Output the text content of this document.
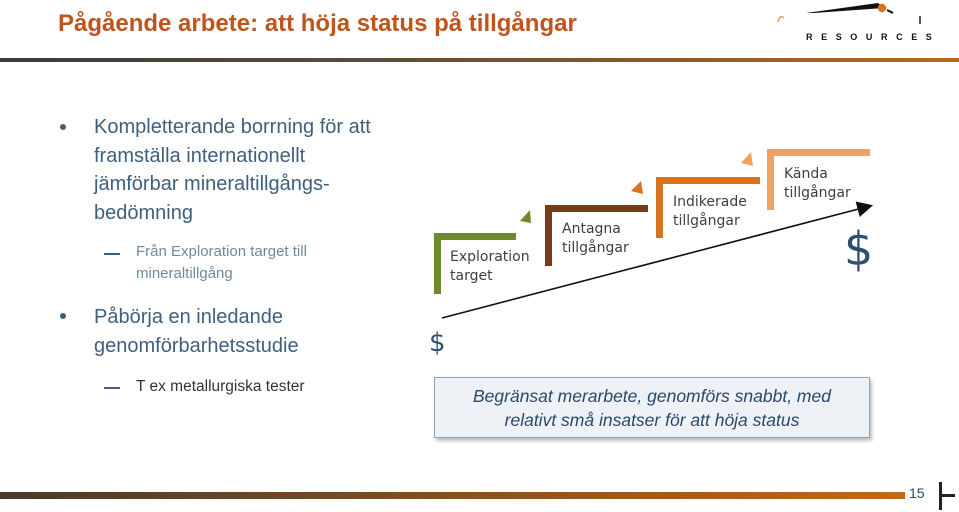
Pågående arbete: att höja status på tillgångar	RESOURCES
Kompletterande borrning för att
framställa internationellt
jämförbar mineraltillgångs-
bedömning
Från Exploration target till
mineraltillgång
Påbörja en inledande
genomförbarhetsstudie
T ex metallurgiska tester
Exploration
target
Antagna
tillgångar
Indikerade
tillgångar
Kända
tillgångar
$
$
Begränsat merarbete, genomförs snabbt, med
relativt små insatser för att höja status
15
